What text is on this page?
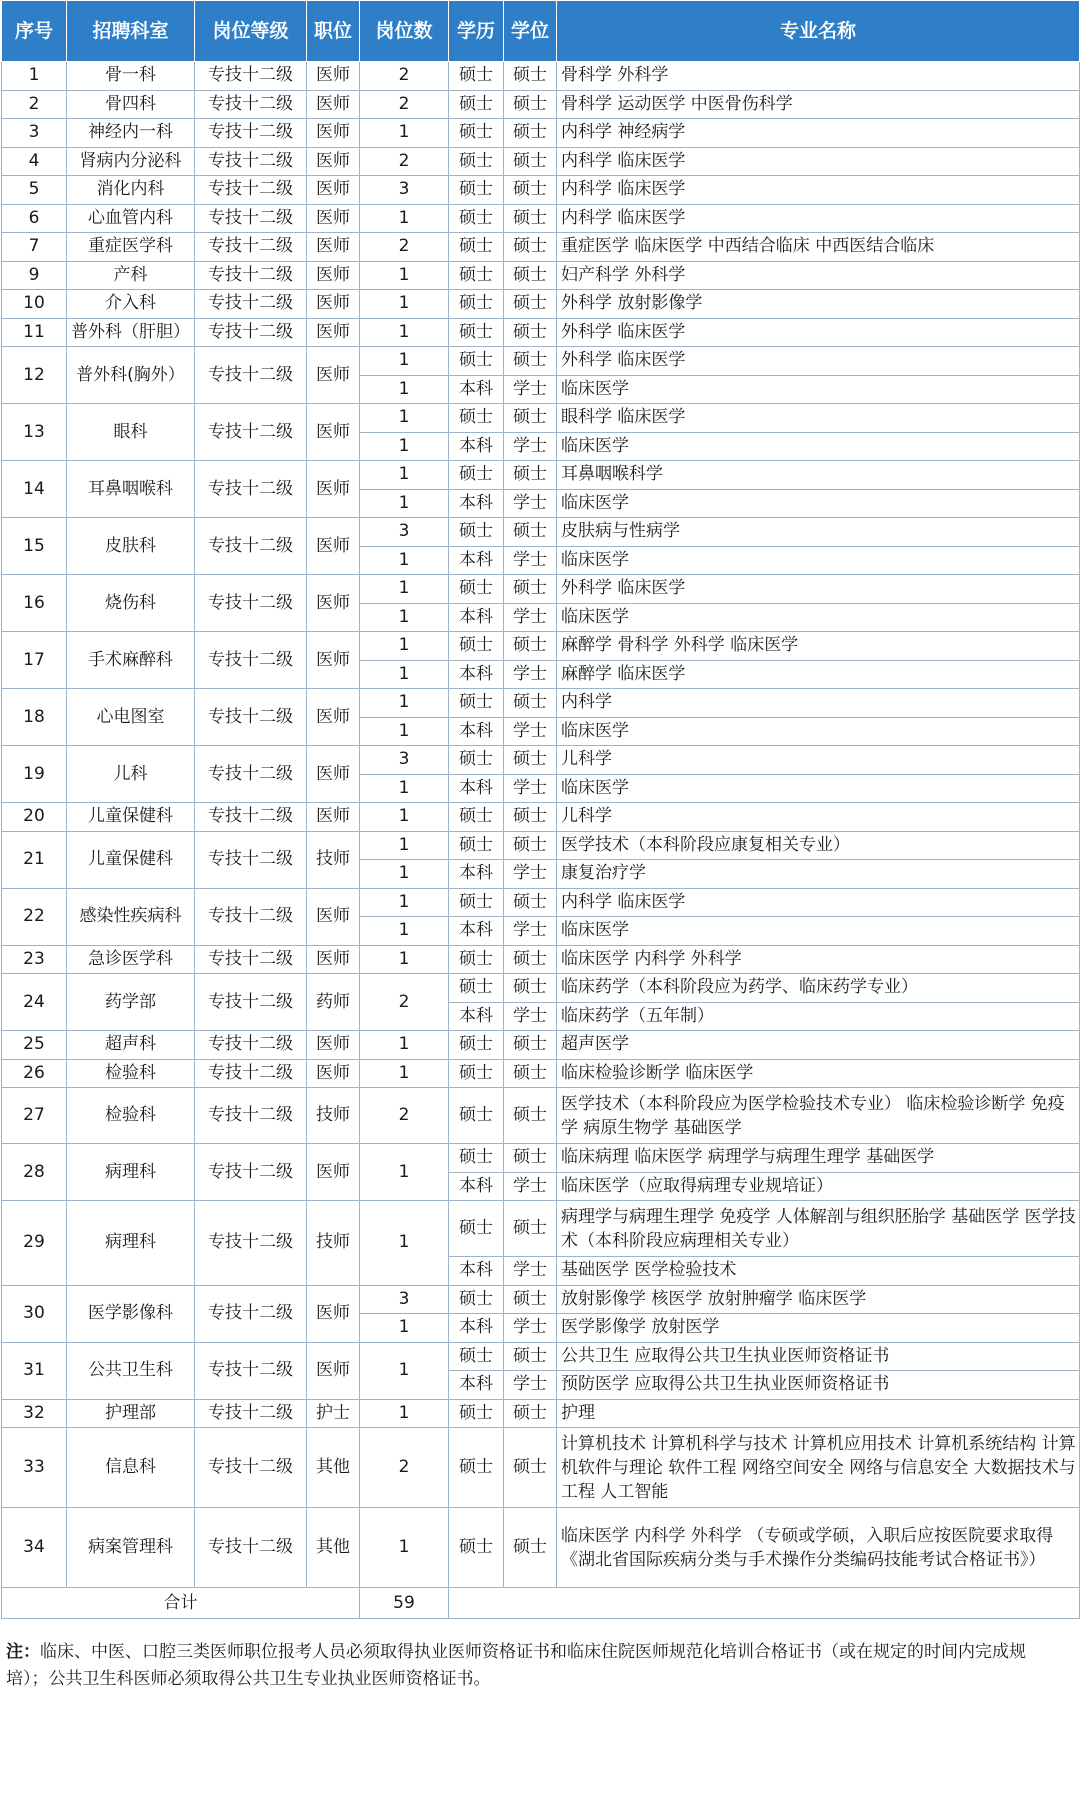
序号	招聘科室	岗位等级	职位	岗位数	学历	学位	专业名称
1	骨一科	专技十二级	医师	2	硕士	硕士	骨科学 外科学
2	骨四科	专技十二级	医师	2	硕士	硕士	骨科学 运动医学 中医骨伤科学
3	神经内一科	专技十二级	医师	1	硕士	硕士	内科学 神经病学
4	肾病内分泌科	专技十二级	医师	2	硕士	硕士	内科学 临床医学
5	消化内科	专技十二级	医师	3	硕士	硕士	内科学 临床医学
6	心血管内科	专技十二级	医师	1	硕士	硕士	内科学 临床医学
7	重症医学科	专技十二级	医师	2	硕士	硕士	重症医学 临床医学 中西结合临床 中西医结合临床
9	产科	专技十二级	医师	1	硕士	硕士	妇产科学 外科学
10	介入科	专技十二级	医师	1	硕士	硕士	外科学 放射影像学
11	普外科（肝胆）	专技十二级	医师	1	硕士	硕士	外科学 临床医学
12	普外科(胸外）	专技十二级	医师	1	硕士	硕士	外科学 临床医学
				1	本科	学士	临床医学
13	眼科	专技十二级	医师	1	硕士	硕士	眼科学 临床医学
				1	本科	学士	临床医学
14	耳鼻咽喉科	专技十二级	医师	1	硕士	硕士	耳鼻咽喉科学
				1	本科	学士	临床医学
15	皮肤科	专技十二级	医师	3	硕士	硕士	皮肤病与性病学
				1	本科	学士	临床医学
16	烧伤科	专技十二级	医师	1	硕士	硕士	外科学 临床医学
				1	本科	学士	临床医学
17	手术麻醉科	专技十二级	医师	1	硕士	硕士	麻醉学 骨科学 外科学 临床医学
				1	本科	学士	麻醉学 临床医学
18	心电图室	专技十二级	医师	1	硕士	硕士	内科学
				1	本科	学士	临床医学
19	儿科	专技十二级	医师	3	硕士	硕士	儿科学
				1	本科	学士	临床医学
20	儿童保健科	专技十二级	医师	1	硕士	硕士	儿科学
21	儿童保健科	专技十二级	技师	1	硕士	硕士	医学技术（本科阶段应康复相关专业）
				1	本科	学士	康复治疗学
22	感染性疾病科	专技十二级	医师	1	硕士	硕士	内科学 临床医学
				1	本科	学士	临床医学
23	急诊医学科	专技十二级	医师	1	硕士	硕士	临床医学 内科学 外科学
24	药学部	专技十二级	药师	2	硕士	硕士	临床药学（本科阶段应为药学、临床药学专业）
					本科	学士	临床药学（五年制）
25	超声科	专技十二级	医师	1	硕士	硕士	超声医学
26	检验科	专技十二级	医师	1	硕士	硕士	临床检验诊断学 临床医学
27	检验科	专技十二级	技师	2	硕士	硕士	医学技术（本科阶段应为医学检验技术专业） 临床检验诊断学 免疫学 病原生物学 基础医学
28	病理科	专技十二级	医师	1	硕士	硕士	临床病理 临床医学 病理学与病理生理学 基础医学
					本科	学士	临床医学（应取得病理专业规培证）
29	病理科	专技十二级	技师	1	硕士	硕士	病理学与病理生理学 免疫学 人体解剖与组织胚胎学 基础医学 医学技术（本科阶段应病理相关专业）
					本科	学士	基础医学 医学检验技术
30	医学影像科	专技十二级	医师	3	硕士	硕士	放射影像学 核医学 放射肿瘤学 临床医学
				1	本科	学士	医学影像学 放射医学
31	公共卫生科	专技十二级	医师	1	硕士	硕士	公共卫生 应取得公共卫生执业医师资格证书
					本科	学士	预防医学 应取得公共卫生执业医师资格证书
32	护理部	专技十二级	护士	1	硕士	硕士	护理
33	信息科	专技十二级	其他	2	硕士	硕士	计算机技术 计算机科学与技术 计算机应用技术 计算机系统结构 计算机软件与理论 软件工程 网络空间安全 网络与信息安全 大数据技术与工程 人工智能
34	病案管理科	专技十二级	其他	1	硕士	硕士	临床医学 内科学 外科学 （专硕或学硕，入职后应按医院要求取得《湖北省国际疾病分类与手术操作分类编码技能考试合格证书》）
合计				59			
注：临床、中医、口腔三类医师职位报考人员必须取得执业医师资格证书和临床住院医师规范化培训合格证书（或在规定的时间内完成规培）；公共卫生科医师必须取得公共卫生专业执业医师资格证书。
